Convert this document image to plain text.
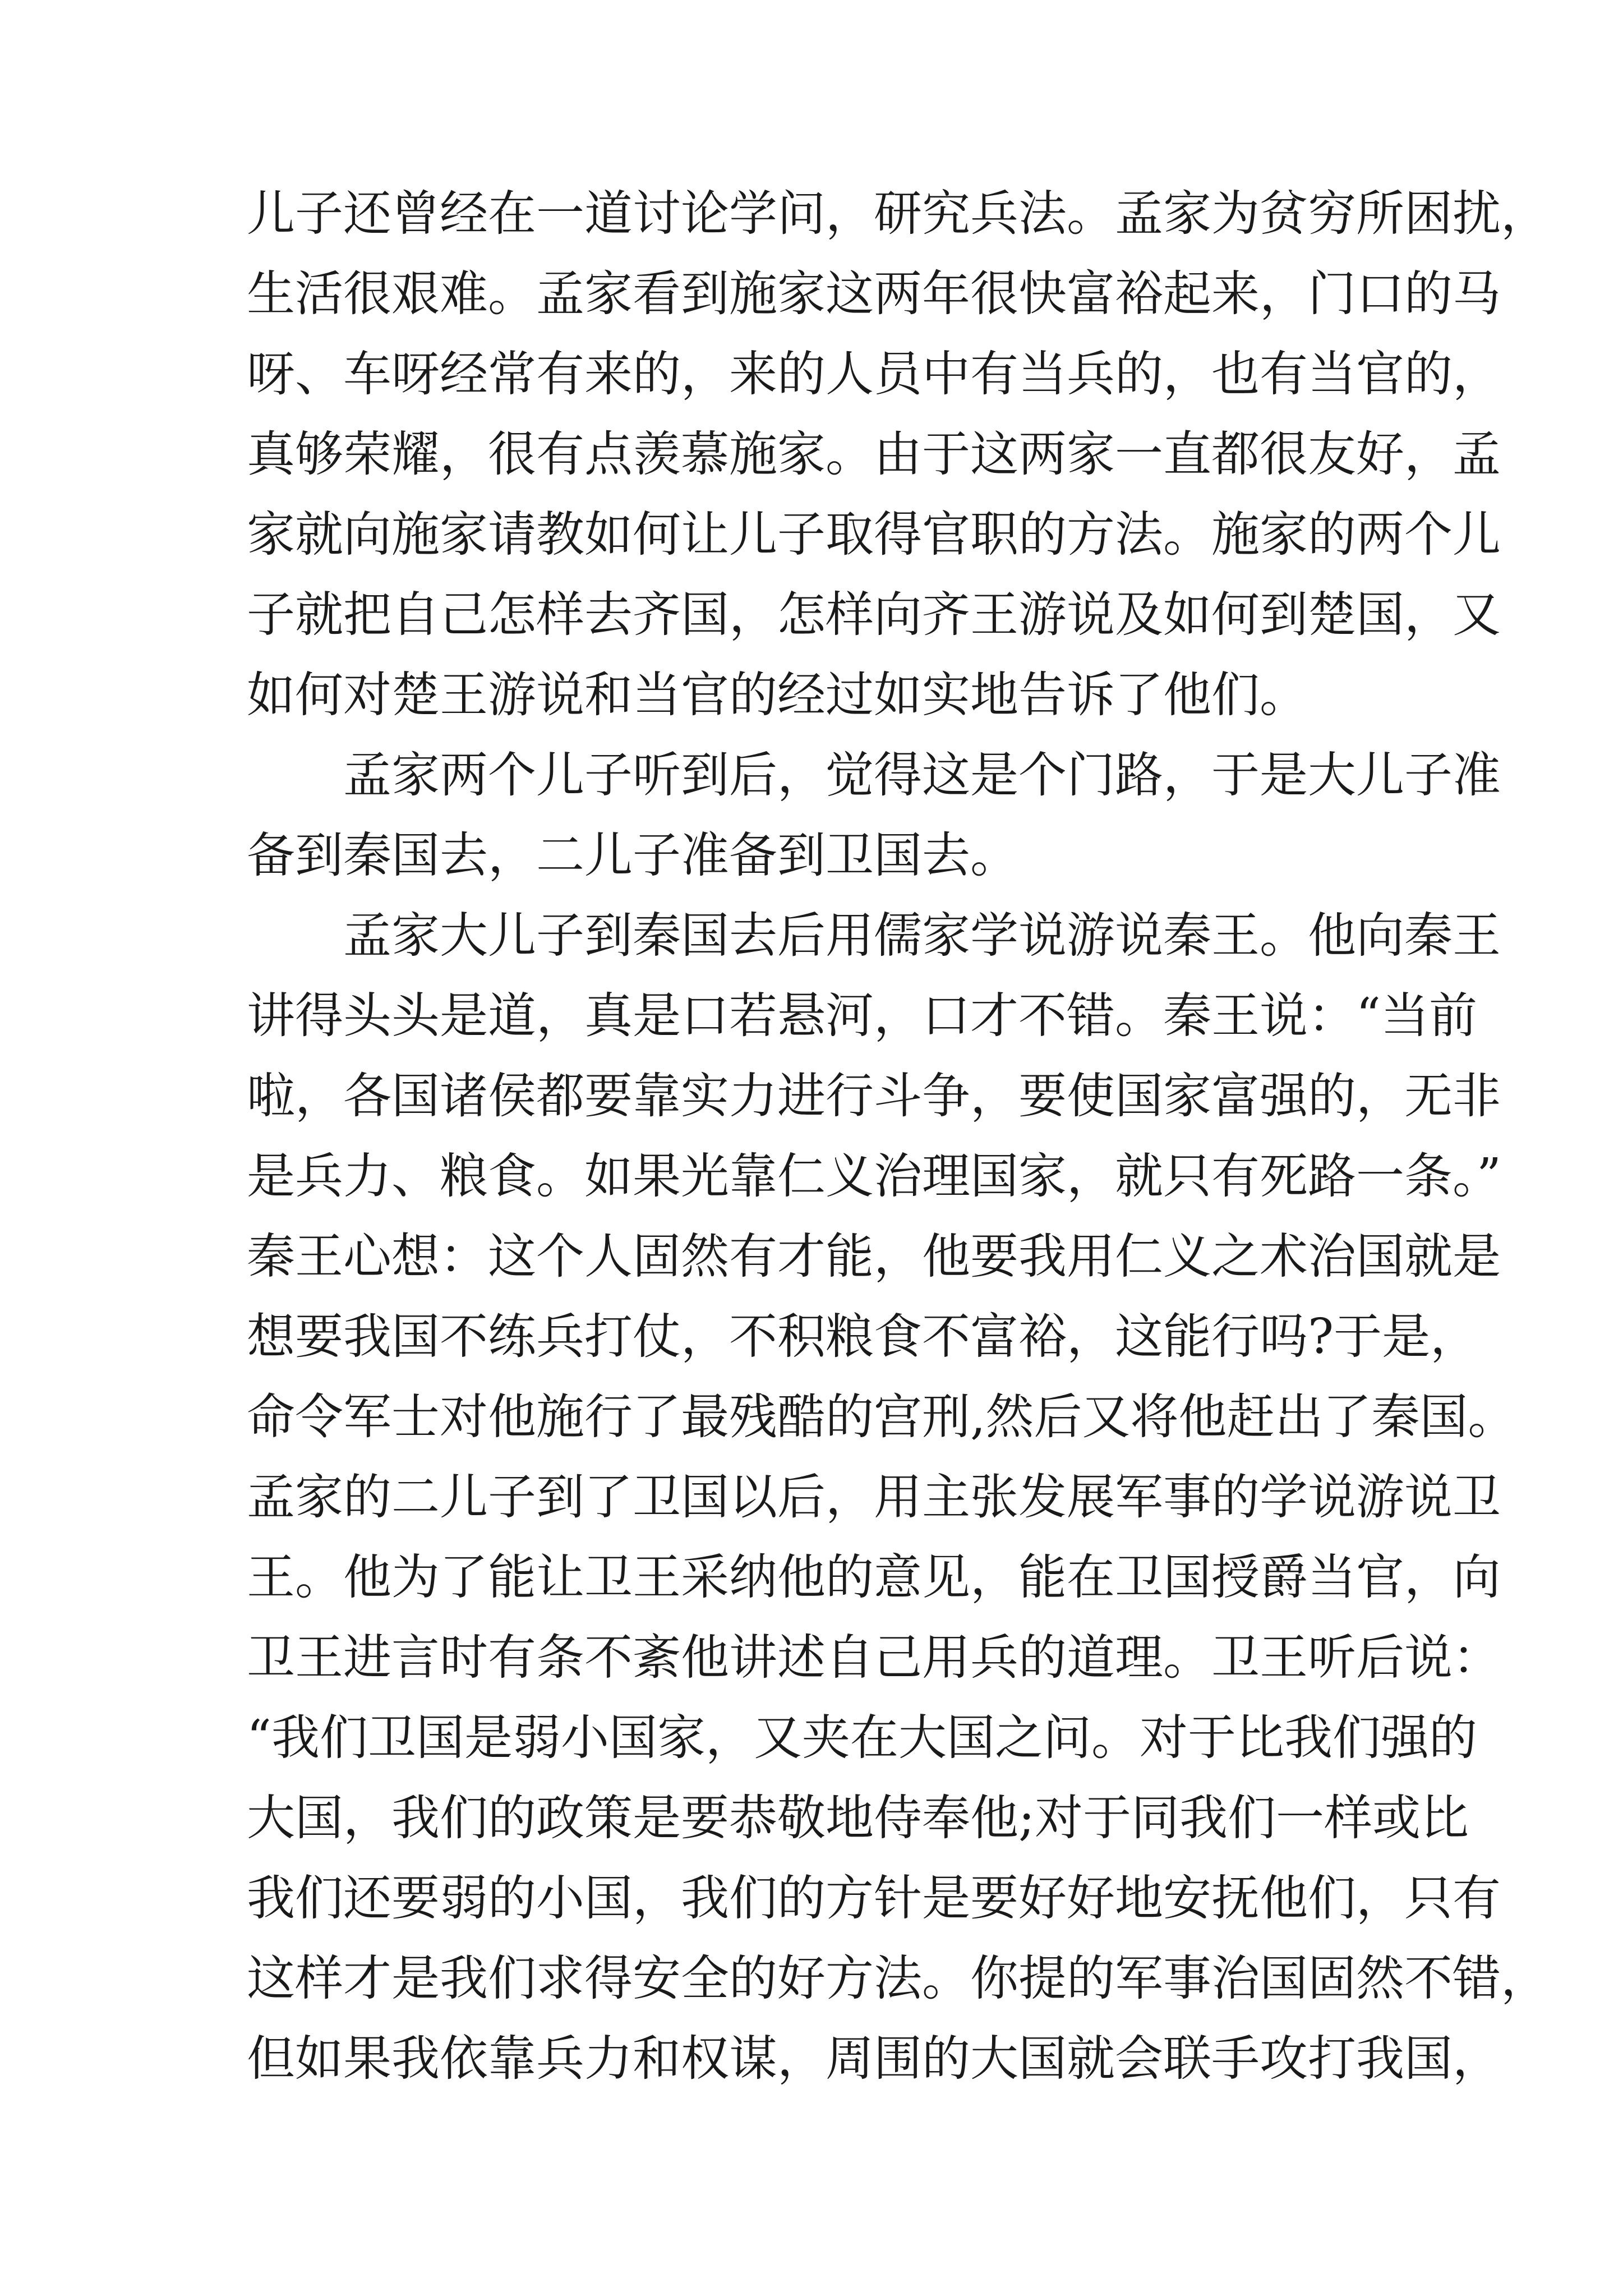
儿子还曾经在一道讨论学问，研究兵法。孟家为贫穷所困扰，
生活很艰难。孟家看到施家这两年很快富裕起来，门口的马
呀、车呀经常有来的，来的人员中有当兵的，也有当官的，
真够荣耀，很有点羡慕施家。由于这两家一直都很友好，孟
家就向施家请教如何让儿子取得官职的方法。施家的两个儿
子就把自己怎样去齐国，怎样向齐王游说及如何到楚国，又
如何对楚王游说和当官的经过如实地告诉了他们。
孟家两个儿子听到后，觉得这是个门路，于是大儿子准
备到秦国去，二儿子准备到卫国去。
孟家大儿子到秦国去后用儒家学说游说秦王。他向秦王
讲得头头是道，真是口若悬河，口才不错。秦王说：“当前
啦，各国诸侯都要靠实力进行斗争，要使国家富强的，无非
是兵力、粮食。如果光靠仁义治理国家，就只有死路一条。”
秦王心想：这个人固然有才能，他要我用仁义之术治国就是
想要我国不练兵打仗，不积粮食不富裕，这能行吗?于是，
命令军士对他施行了最残酷的宫刑,然后又将他赶出了秦国。
孟家的二儿子到了卫国以后，用主张发展军事的学说游说卫
王。他为了能让卫王采纳他的意见，能在卫国授爵当官，向
卫王进言时有条不紊他讲述自己用兵的道理。卫王听后说：
“我们卫国是弱小国家，又夹在大国之问。对于比我们强的
大国，我们的政策是要恭敬地侍奉他;对于同我们一样或比
我们还要弱的小国，我们的方针是要好好地安抚他们，只有
这样才是我们求得安全的好方法。你提的军事治国固然不错，
但如果我依靠兵力和权谋，周围的大国就会联手攻打我国，
